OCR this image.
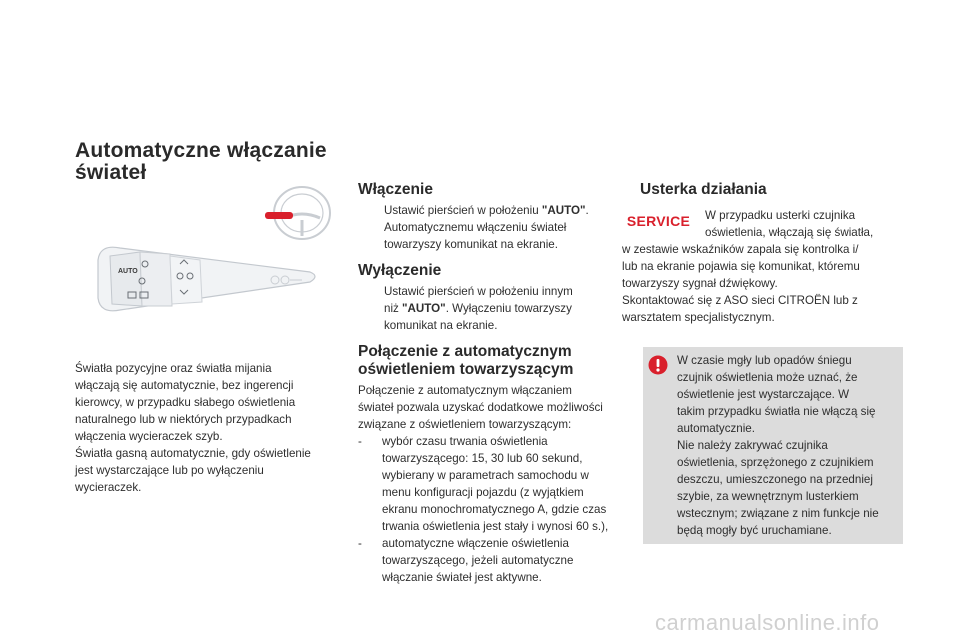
Automatyczne włączanie
świateł
AUTO
Światła pozycyjne oraz światła mijania
włączają się automatycznie, bez ingerencji
kierowcy, w przypadku słabego oświetlenia
naturalnego lub w niektórych przypadkach
włączenia wycieraczek szyb.
Światła gasną automatycznie, gdy oświetlenie
jest wystarczające lub po wyłączeniu
wycieraczek.
Włączenie
Ustawić pierścień w położeniu "AUTO".
Automatycznemu włączeniu świateł
towarzyszy komunikat na ekranie.
Wyłączenie
Ustawić pierścień w położeniu innym
niż "AUTO". Wyłączeniu towarzyszy
komunikat na ekranie.
Połączenie z automatycznym
oświetleniem towarzyszącym
Połączenie z automatycznym włączaniem
świateł pozwala uzyskać dodatkowe możliwości
związane z oświetleniem towarzyszącym:
-	wybór czasu trwania oświetlenia
towarzyszącego: 15, 30 lub 60 sekund,
wybierany w parametrach samochodu w
menu konfiguracji pojazdu (z wyjątkiem
ekranu monochromatycznego A, gdzie czas
trwania oświetlenia jest stały i wynosi 60 s.),
-	automatyczne włączenie oświetlenia
towarzyszącego, jeżeli automatyczne
włączanie świateł jest aktywne.
Usterka działania
SERVICE W przypadku usterki czujnika
oświetlenia, włączają się światła,
w zestawie wskaźników zapala się kontrolka i/
lub na ekranie pojawia się komunikat, któremu
towarzyszy sygnał dźwiękowy.
Skontaktować się z ASO sieci CITROËN lub z
warsztatem specjalistycznym.
W czasie mgły lub opadów śniegu
czujnik oświetlenia może uznać, że
oświetlenie jest wystarczające. W
takim przypadku światła nie włączą się
automatycznie.
Nie należy zakrywać czujnika
oświetlenia, sprzężonego z czujnikiem
deszczu, umieszczonego na przedniej
szybie, za wewnętrznym lusterkiem
wstecznym; związane z nim funkcje nie
będą mogły być uruchamiane.
carmanualsonline.info
